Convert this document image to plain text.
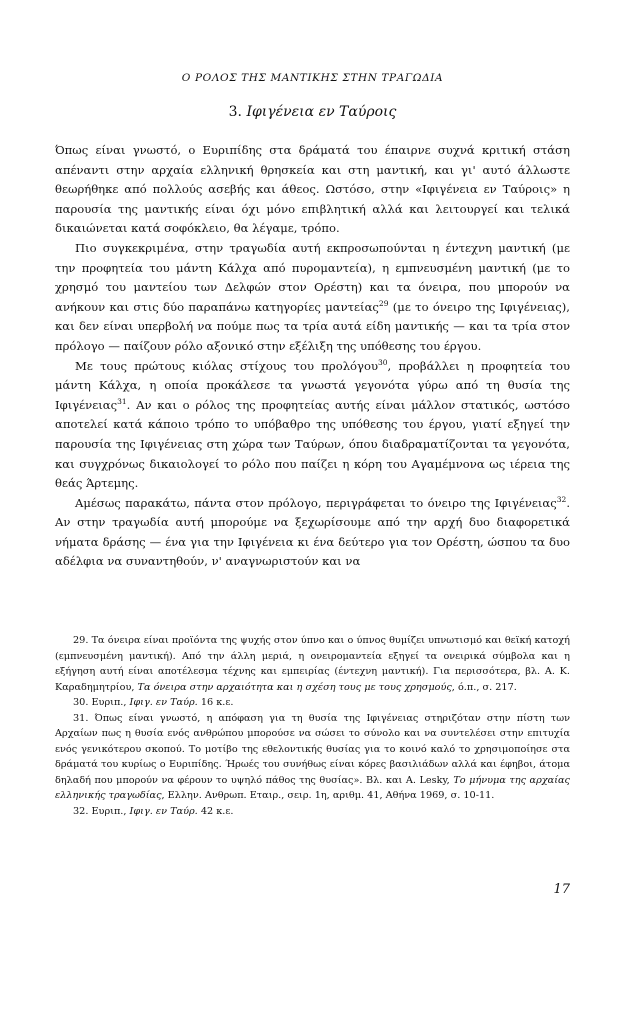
Ο ΡΟΛΟΣ ΤΗΣ ΜΑΝΤΙΚΗΣ ΣΤΗΝ ΤΡΑΓΩΔΙΑ
3. Ιφιγένεια εν Ταύροις

Όπως είναι γνωστό, ο Ευριπίδης στα δράματά του έπαιρνε συχνά κριτική στάση απέναντι στην αρχαία ελληνική θρησκεία και στη μαντική, και γι' αυτό άλλωστε θεωρήθηκε από πολλούς ασεβής και άθεος. Ωστόσο, στην «Ιφιγένεια εν Ταύροις» η παρουσία της μαντικής είναι όχι μόνο επιβλητική αλλά και λειτουργεί και τελικά δικαιώνεται κατά σοφόκλειο, θα λέγαμε, τρόπο.

Πιο συγκεκριμένα, στην τραγωδία αυτή εκπροσωπούνται η έντεχνη μαντική (με την προφητεία του μάντη Κάλχα από πυρομαντεία), η εμπνευσμένη μαντική (με το χρησμό του μαντείου των Δελφών στον Ορέστη) και τα όνειρα, που μπορούν να ανήκουν και στις δύο παραπάνω κατηγορίες μαντείας$^{29}$ (με το όνειρο της Ιφιγένειας), και δεν είναι υπερβολή να πούμε πως τα τρία αυτά είδη μαντικής — και τα τρία στον πρόλογο — παίζουν ρόλο αξονικό στην εξέλιξη της υπόθεσης του έργου.

Με τους πρώτους κιόλας στίχους του προλόγου$^{30}$, προβάλλει η προφητεία του μάντη Κάλχα, η οποία προκάλεσε τα γνωστά γεγονότα γύρω από τη θυσία της Ιφιγένειας$^{31}$. Αν και ο ρόλος της προφητείας αυτής είναι μάλλον στατικός, ωστόσο αποτελεί κατά κάποιο τρόπο το υπόβαθρο της υπόθεσης του έργου, γιατί εξηγεί την παρουσία της Ιφιγένειας στη χώρα των Ταύρων, όπου διαδραματίζονται τα γεγονότα, και συγχρόνως δικαιολογεί το ρόλο που παίζει η κόρη του Αγαμέμνονα ως ιέρεια της θεάς Άρτεμης.

Αμέσως παρακάτω, πάντα στον πρόλογο, περιγράφεται το όνειρο της Ιφιγένειας$^{32}$. Αν στην τραγωδία αυτή μπορούμε να ξεχωρίσουμε από την αρχή δυο διαφορετικά νήματα δράσης — ένα για την Ιφιγένεια κι ένα δεύτερο για τον Ορέστη, ώσπου τα δυο αδέλφια να συναντηθούν, ν' αναγνωριστούν και να

29. Τα όνειρα είναι προϊόντα της ψυχής στον ύπνο και ο ύπνος θυμίζει υπνωτισμό και θεϊκή κατοχή (εμπνευσμένη μαντική). Από την άλλη μεριά, η ονειρομαντεία εξηγεί τα ονειρικά σύμβολα και η εξήγηση αυτή είναι αποτέλεσμα τέχνης και εμπειρίας (έντεχνη μαντική). Για περισσότερα, βλ. Α. Κ. Καραδημητρίου, Τα όνειρα στην αρχαιότητα και η σχέση τους με τους χρησμούς, ό.π., σ. 217.

30. Ευριπ., Ιφιγ. εν Ταύρ. 16 κ.ε.

31. Όπως είναι γνωστό, η απόφαση για τη θυσία της Ιφιγένειας στηριζόταν στην πίστη των Αρχαίων πως η θυσία ενός ανθρώπου μπορούσε να σώσει το σύνολο και να συντελέσει στην επιτυχία ενός γενικότερου σκοπού. Το μοτίβο της εθελοντικής θυσίας για το κοινό καλό το χρησιμοποίησε στα δράματά του κυρίως ο Ευριπίδης. Ήρωές του συνήθως είναι κόρες βασιλιάδων αλλά και έφηβοι, άτομα δηλαδή που μπορούν να φέρουν το υψηλό πάθος της θυσίας». Βλ. και A. Lesky, Το μήνυμα της αρχαίας ελληνικής τραγωδίας, Ελλην. Ανθρωπ. Εταιρ., σειρ. 1η, αριθμ. 41, Αθήνα 1969, σ. 10-11.

32. Ευριπ., Ιφιγ. εν Ταύρ. 42 κ.ε.

17
